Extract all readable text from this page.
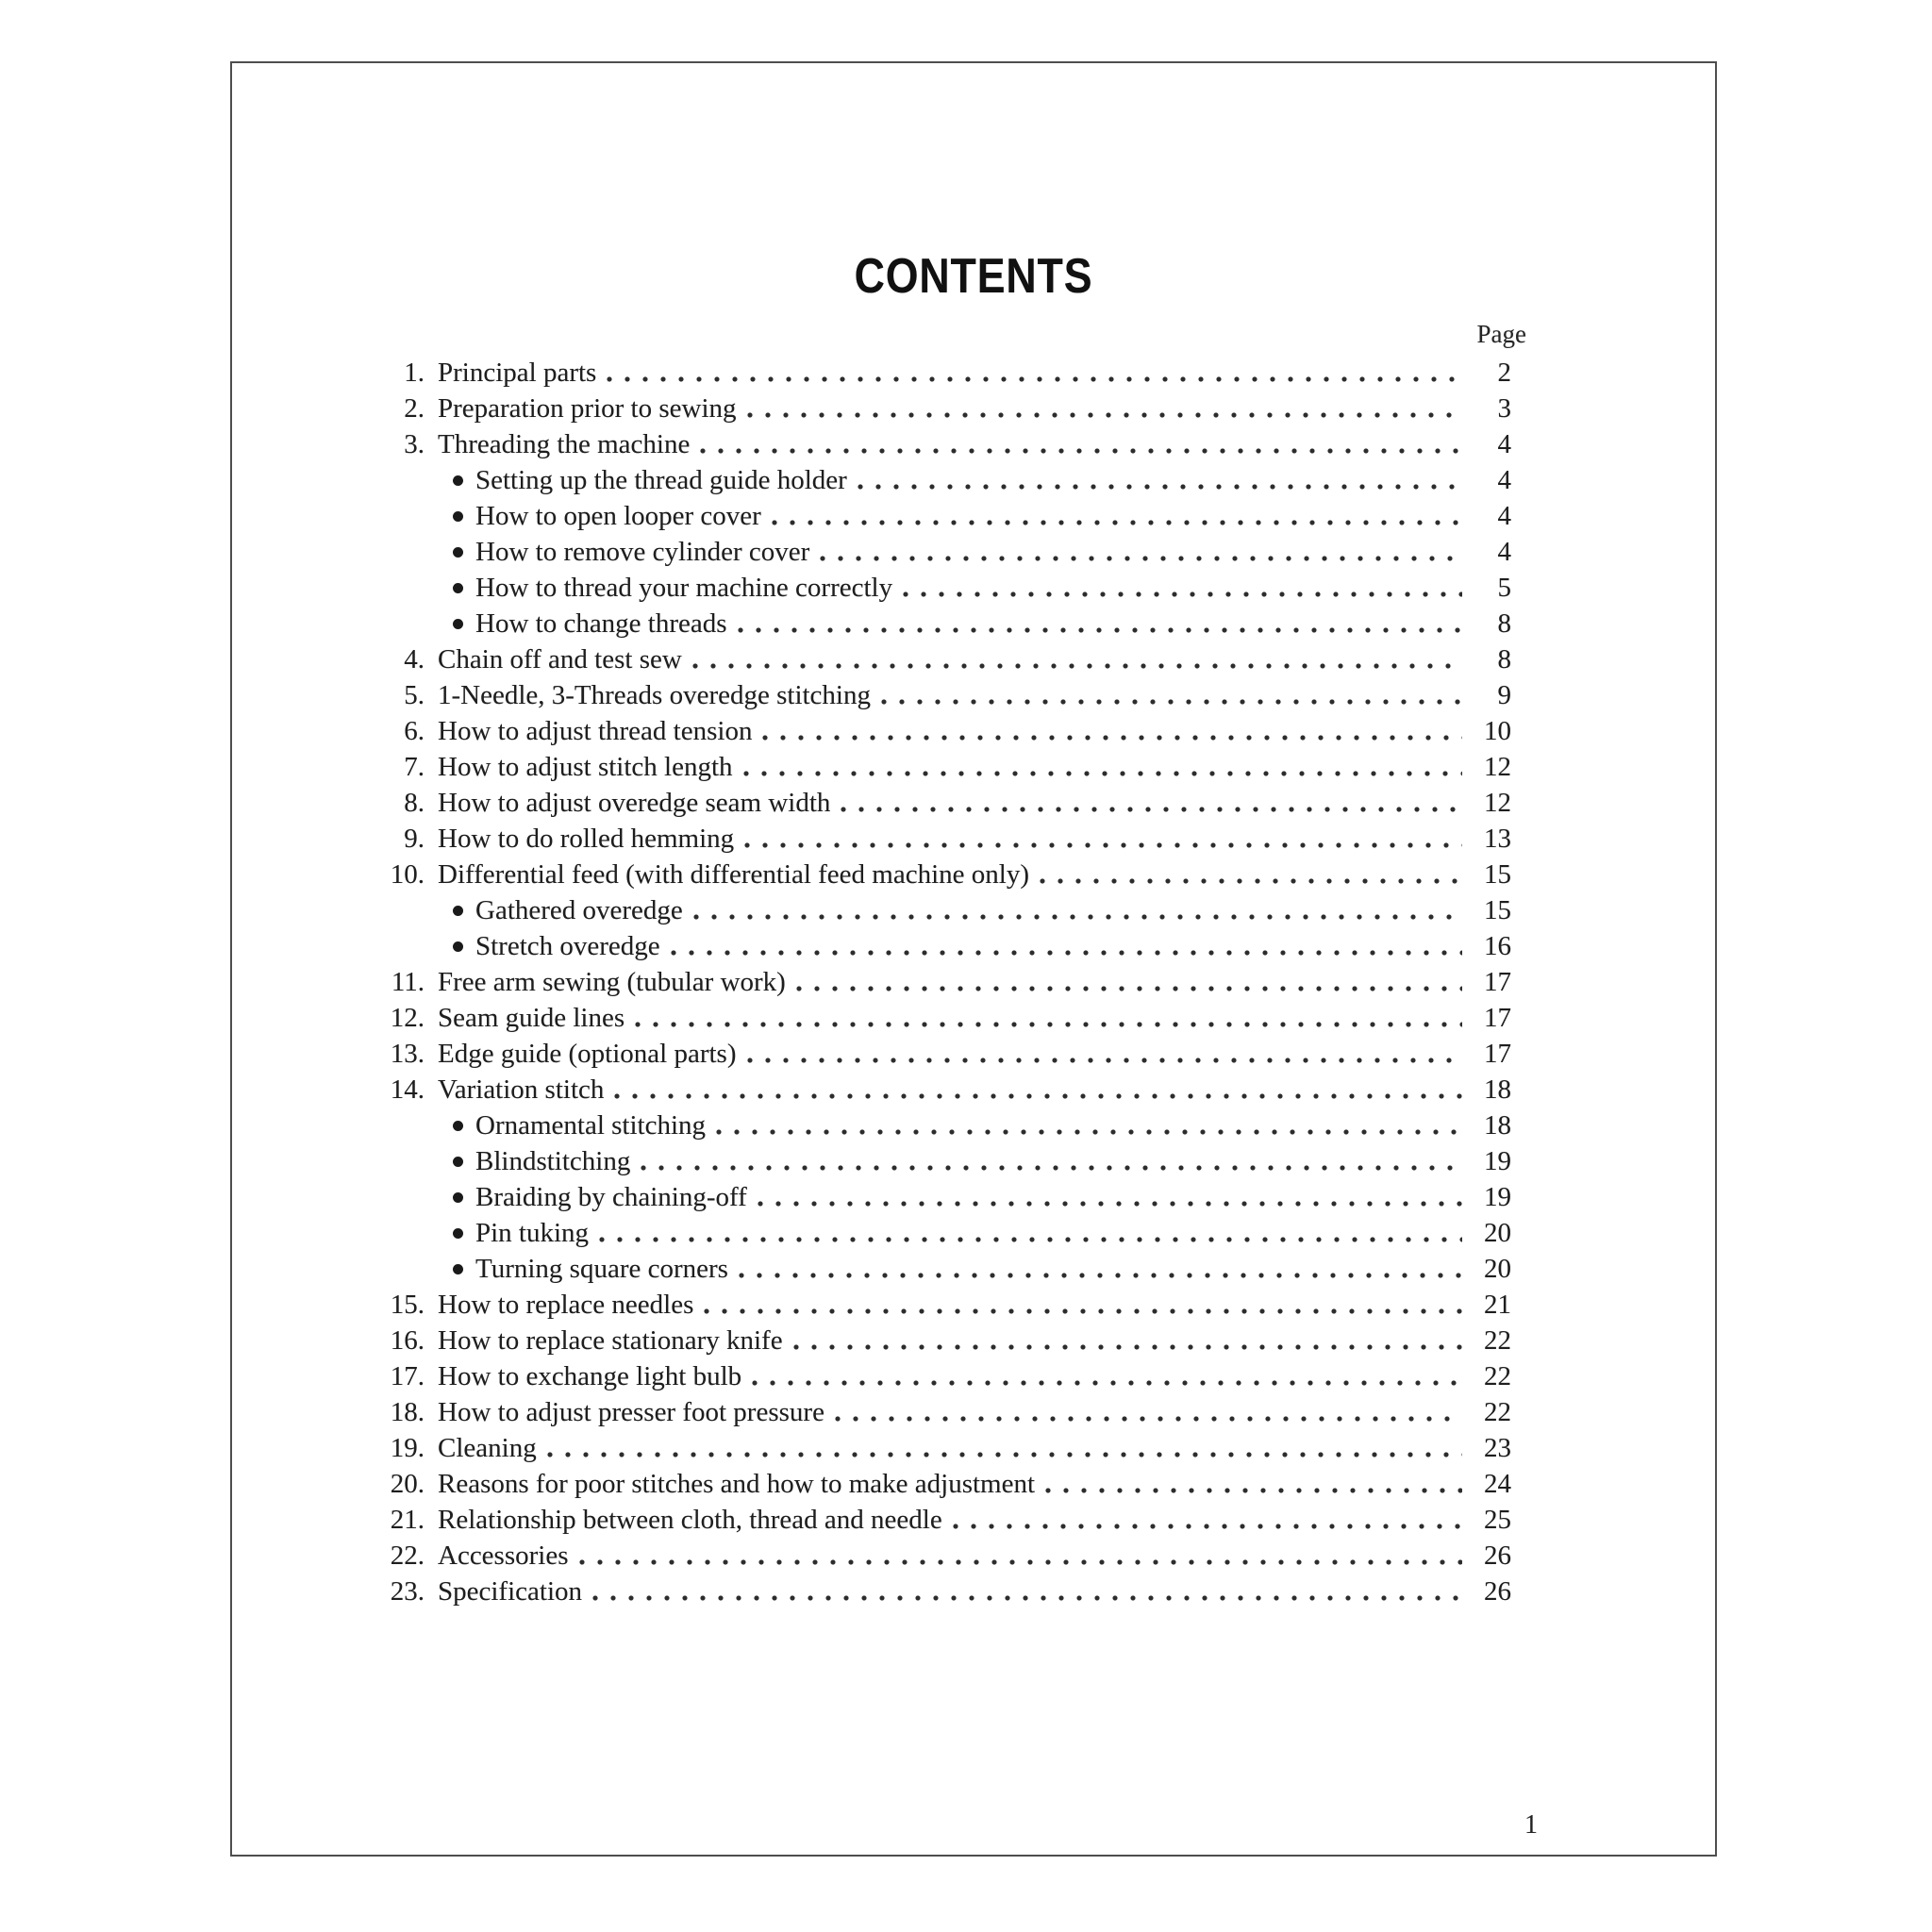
CONTENTS
Page
1. Principal parts	2
2. Preparation prior to sewing	3
3. Threading the machine	4
Setting up the thread guide holder	4
How to open looper cover	4
How to remove cylinder cover	4
How to thread your machine correctly	5
How to change threads	8
4. Chain off and test sew	8
5. 1-Needle, 3-Threads overedge stitching	9
6. How to adjust thread tension	10
7. How to adjust stitch length	12
8. How to adjust overedge seam width	12
9. How to do rolled hemming	13
10. Differential feed (with differential feed machine only)	15
Gathered overedge	15
Stretch overedge	16
11. Free arm sewing (tubular work)	17
12. Seam guide lines	17
13. Edge guide (optional parts)	17
14. Variation stitch	18
Ornamental stitching	18
Blindstitching	19
Braiding by chaining-off	19
Pin tuking	20
Turning square corners	20
15. How to replace needles	21
16. How to replace stationary knife	22
17. How to exchange light bulb	22
18. How to adjust presser foot pressure	22
19. Cleaning	23
20. Reasons for poor stitches and how to make adjustment	24
21. Relationship between cloth, thread and needle	25
22. Accessories	26
23. Specification	26
1
